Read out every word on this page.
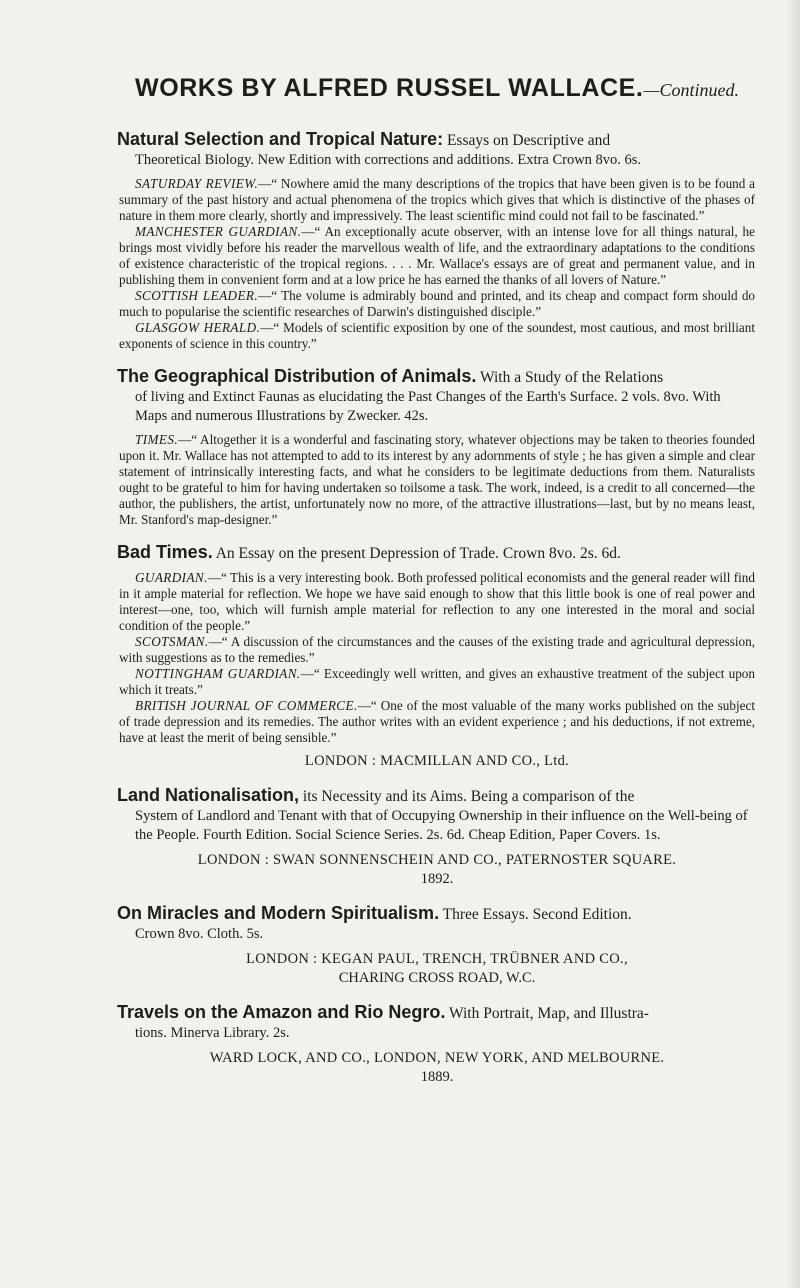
WORKS BY ALFRED RUSSEL WALLACE.—Continued.

Natural Selection and Tropical Nature: Essays on Descriptive and

Theoretical Biology. New Edition with corrections and additions. Extra Crown 8vo. 6s.

SATURDAY REVIEW.—“ Nowhere amid the many descriptions of the tropics that have been given is to be found a summary of the past history and actual phenomena of the tropics which gives that which is distinctive of the phases of nature in them more clearly, shortly and impressively. The least scientific mind could not fail to be fascinated.”

MANCHESTER GUARDIAN.—“ An exceptionally acute observer, with an intense love for all things natural, he brings most vividly before his reader the marvellous wealth of life, and the extraordinary adaptations to the conditions of existence characteristic of the tropical regions. . . . Mr. Wallace's essays are of great and permanent value, and in publishing them in convenient form and at a low price he has earned the thanks of all lovers of Nature.”

SCOTTISH LEADER.—“ The volume is admirably bound and printed, and its cheap and compact form should do much to popularise the scientific researches of Darwin's distinguished disciple.”

GLASGOW HERALD.—“ Models of scientific exposition by one of the soundest, most cautious, and most brilliant exponents of science in this country.”

The Geographical Distribution of Animals. With a Study of the Relations

of living and Extinct Faunas as elucidating the Past Changes of the Earth's Surface. 2 vols. 8vo. With Maps and numerous Illustrations by Zwecker. 42s.

TIMES.—“ Altogether it is a wonderful and fascinating story, whatever objections may be taken to theories founded upon it. Mr. Wallace has not attempted to add to its interest by any adornments of style ; he has given a simple and clear statement of intrinsically interesting facts, and what he considers to be legitimate deductions from them. Naturalists ought to be grateful to him for having undertaken so toilsome a task. The work, indeed, is a credit to all concerned—the author, the publishers, the artist, unfortunately now no more, of the attractive illustrations—last, but by no means least, Mr. Stanford's map-designer.”

Bad Times. An Essay on the present Depression of Trade. Crown 8vo. 2s. 6d.

GUARDIAN.—“ This is a very interesting book. Both professed political economists and the general reader will find in it ample material for reflection. We hope we have said enough to show that this little book is one of real power and interest—one, too, which will furnish ample material for reflection to any one interested in the moral and social condition of the people.”

SCOTSMAN.—“ A discussion of the circumstances and the causes of the existing trade and agricultural depression, with suggestions as to the remedies.”

NOTTINGHAM GUARDIAN.—“ Exceedingly well written, and gives an exhaustive treatment of the subject upon which it treats.”

BRITISH JOURNAL OF COMMERCE.—“ One of the most valuable of the many works published on the subject of trade depression and its remedies. The author writes with an evident experience ; and his deductions, if not extreme, have at least the merit of being sensible.”

LONDON : MACMILLAN AND CO., Ltd.

Land Nationalisation, its Necessity and its Aims. Being a comparison of the

System of Landlord and Tenant with that of Occupying Ownership in their influence on the Well-being of the People. Fourth Edition. Social Science Series. 2s. 6d. Cheap Edition, Paper Covers. 1s.

LONDON : SWAN SONNENSCHEIN AND CO., PATERNOSTER SQUARE.

1892.

On Miracles and Modern Spiritualism. Three Essays. Second Edition.

Crown 8vo. Cloth. 5s.

LONDON : KEGAN PAUL, TRENCH, TRÜBNER AND CO.,

CHARING CROSS ROAD, W.C.

Travels on the Amazon and Rio Negro. With Portrait, Map, and Illustra-

tions. Minerva Library. 2s.

WARD LOCK, AND CO., LONDON, NEW YORK, AND MELBOURNE.

1889.
